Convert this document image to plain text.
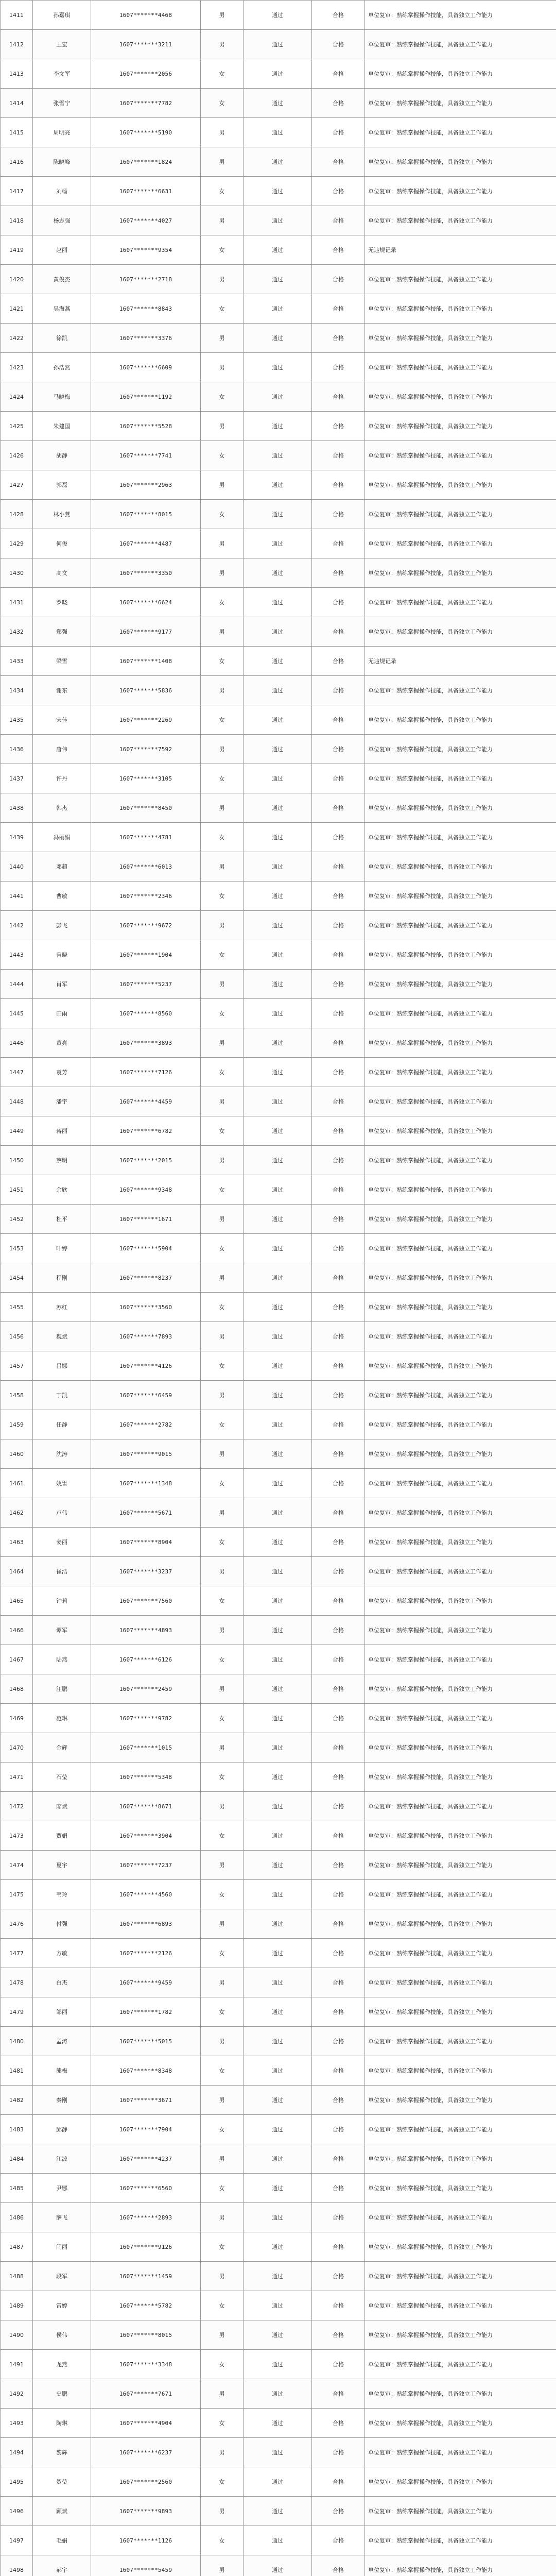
1411	孙嘉琪	1607*******4468	男	通过	合格	单位复审：熟练掌握操作技能，具备独立工作能力
1412	王宏	1607*******3211	男	通过	合格	单位复审：熟练掌握操作技能，具备独立工作能力
1413	李文军	1607*******2056	女	通过	合格	单位复审：熟练掌握操作技能，具备独立工作能力
1414	张雪宁	1607*******7782	女	通过	合格	单位复审：熟练掌握操作技能，具备独立工作能力
1415	周明亮	1607*******5190	男	通过	合格	单位复审：熟练掌握操作技能，具备独立工作能力
1416	陈晓峰	1607*******1824	男	通过	合格	单位复审：熟练掌握操作技能，具备独立工作能力
1417	刘畅	1607*******6631	女	通过	合格	单位复审：熟练掌握操作技能，具备独立工作能力
1418	杨志强	1607*******4027	男	通过	合格	单位复审：熟练掌握操作技能，具备独立工作能力
1419	赵丽	1607*******9354	女	通过	合格	无违规记录
1420	黄俊杰	1607*******2718	男	通过	合格	单位复审：熟练掌握操作技能，具备独立工作能力
1421	吴海燕	1607*******8843	女	通过	合格	单位复审：熟练掌握操作技能，具备独立工作能力
1422	徐凯	1607*******3376	男	通过	合格	单位复审：熟练掌握操作技能，具备独立工作能力
1423	孙浩然	1607*******6609	男	通过	合格	单位复审：熟练掌握操作技能，具备独立工作能力
1424	马晓梅	1607*******1192	女	通过	合格	单位复审：熟练掌握操作技能，具备独立工作能力
1425	朱建国	1607*******5528	男	通过	合格	单位复审：熟练掌握操作技能，具备独立工作能力
1426	胡静	1607*******7741	女	通过	合格	单位复审：熟练掌握操作技能，具备独立工作能力
1427	郭磊	1607*******2963	男	通过	合格	单位复审：熟练掌握操作技能，具备独立工作能力
1428	林小燕	1607*******8015	女	通过	合格	单位复审：熟练掌握操作技能，具备独立工作能力
1429	何俊	1607*******4487	男	通过	合格	单位复审：熟练掌握操作技能，具备独立工作能力
1430	高文	1607*******3350	男	通过	合格	单位复审：熟练掌握操作技能，具备独立工作能力
1431	罗晓	1607*******6624	女	通过	合格	单位复审：熟练掌握操作技能，具备独立工作能力
1432	郑强	1607*******9177	男	通过	合格	单位复审：熟练掌握操作技能，具备独立工作能力
1433	梁雪	1607*******1408	女	通过	合格	无违规记录
1434	谢东	1607*******5836	男	通过	合格	单位复审：熟练掌握操作技能，具备独立工作能力
1435	宋佳	1607*******2269	女	通过	合格	单位复审：熟练掌握操作技能，具备独立工作能力
1436	唐伟	1607*******7592	男	通过	合格	单位复审：熟练掌握操作技能，具备独立工作能力
1437	许丹	1607*******3105	女	通过	合格	单位复审：熟练掌握操作技能，具备独立工作能力
1438	韩杰	1607*******8450	男	通过	合格	单位复审：熟练掌握操作技能，具备独立工作能力
1439	冯丽娟	1607*******4781	女	通过	合格	单位复审：熟练掌握操作技能，具备独立工作能力
1440	邓超	1607*******6013	男	通过	合格	单位复审：熟练掌握操作技能，具备独立工作能力
1441	曹敏	1607*******2346	女	通过	合格	单位复审：熟练掌握操作技能，具备独立工作能力
1442	彭飞	1607*******9672	男	通过	合格	单位复审：熟练掌握操作技能，具备独立工作能力
1443	曾晓	1607*******1904	女	通过	合格	单位复审：熟练掌握操作技能，具备独立工作能力
1444	肖军	1607*******5237	男	通过	合格	单位复审：熟练掌握操作技能，具备独立工作能力
1445	田雨	1607*******8560	女	通过	合格	单位复审：熟练掌握操作技能，具备独立工作能力
1446	董亮	1607*******3893	男	通过	合格	单位复审：熟练掌握操作技能，具备独立工作能力
1447	袁芳	1607*******7126	女	通过	合格	单位复审：熟练掌握操作技能，具备独立工作能力
1448	潘宇	1607*******4459	男	通过	合格	单位复审：熟练掌握操作技能，具备独立工作能力
1449	蒋丽	1607*******6782	女	通过	合格	单位复审：熟练掌握操作技能，具备独立工作能力
1450	蔡明	1607*******2015	男	通过	合格	单位复审：熟练掌握操作技能，具备独立工作能力
1451	余欣	1607*******9348	女	通过	合格	单位复审：熟练掌握操作技能，具备独立工作能力
1452	杜平	1607*******1671	男	通过	合格	单位复审：熟练掌握操作技能，具备独立工作能力
1453	叶婷	1607*******5904	女	通过	合格	单位复审：熟练掌握操作技能，具备独立工作能力
1454	程刚	1607*******8237	男	通过	合格	单位复审：熟练掌握操作技能，具备独立工作能力
1455	苏红	1607*******3560	女	通过	合格	单位复审：熟练掌握操作技能，具备独立工作能力
1456	魏斌	1607*******7893	男	通过	合格	单位复审：熟练掌握操作技能，具备独立工作能力
1457	吕娜	1607*******4126	女	通过	合格	单位复审：熟练掌握操作技能，具备独立工作能力
1458	丁凯	1607*******6459	男	通过	合格	单位复审：熟练掌握操作技能，具备独立工作能力
1459	任静	1607*******2782	女	通过	合格	单位复审：熟练掌握操作技能，具备独立工作能力
1460	沈涛	1607*******9015	男	通过	合格	单位复审：熟练掌握操作技能，具备独立工作能力
1461	姚雪	1607*******1348	女	通过	合格	单位复审：熟练掌握操作技能，具备独立工作能力
1462	卢伟	1607*******5671	男	通过	合格	单位复审：熟练掌握操作技能，具备独立工作能力
1463	姜丽	1607*******8904	女	通过	合格	单位复审：熟练掌握操作技能，具备独立工作能力
1464	崔浩	1607*******3237	男	通过	合格	单位复审：熟练掌握操作技能，具备独立工作能力
1465	钟莉	1607*******7560	女	通过	合格	单位复审：熟练掌握操作技能，具备独立工作能力
1466	谭军	1607*******4893	男	通过	合格	单位复审：熟练掌握操作技能，具备独立工作能力
1467	陆燕	1607*******6126	女	通过	合格	单位复审：熟练掌握操作技能，具备独立工作能力
1468	汪鹏	1607*******2459	男	通过	合格	单位复审：熟练掌握操作技能，具备独立工作能力
1469	范琳	1607*******9782	女	通过	合格	单位复审：熟练掌握操作技能，具备独立工作能力
1470	金辉	1607*******1015	男	通过	合格	单位复审：熟练掌握操作技能，具备独立工作能力
1471	石莹	1607*******5348	女	通过	合格	单位复审：熟练掌握操作技能，具备独立工作能力
1472	廖斌	1607*******8671	男	通过	合格	单位复审：熟练掌握操作技能，具备独立工作能力
1473	贾娟	1607*******3904	女	通过	合格	单位复审：熟练掌握操作技能，具备独立工作能力
1474	夏宇	1607*******7237	男	通过	合格	单位复审：熟练掌握操作技能，具备独立工作能力
1475	韦玲	1607*******4560	女	通过	合格	单位复审：熟练掌握操作技能，具备独立工作能力
1476	付强	1607*******6893	男	通过	合格	单位复审：熟练掌握操作技能，具备独立工作能力
1477	方敏	1607*******2126	女	通过	合格	单位复审：熟练掌握操作技能，具备独立工作能力
1478	白杰	1607*******9459	男	通过	合格	单位复审：熟练掌握操作技能，具备独立工作能力
1479	邹丽	1607*******1782	女	通过	合格	单位复审：熟练掌握操作技能，具备独立工作能力
1480	孟涛	1607*******5015	男	通过	合格	单位复审：熟练掌握操作技能，具备独立工作能力
1481	熊梅	1607*******8348	女	通过	合格	单位复审：熟练掌握操作技能，具备独立工作能力
1482	秦刚	1607*******3671	男	通过	合格	单位复审：熟练掌握操作技能，具备独立工作能力
1483	邱静	1607*******7904	女	通过	合格	单位复审：熟练掌握操作技能，具备独立工作能力
1484	江波	1607*******4237	男	通过	合格	单位复审：熟练掌握操作技能，具备独立工作能力
1485	尹娜	1607*******6560	女	通过	合格	单位复审：熟练掌握操作技能，具备独立工作能力
1486	薛飞	1607*******2893	男	通过	合格	单位复审：熟练掌握操作技能，具备独立工作能力
1487	闫丽	1607*******9126	女	通过	合格	单位复审：熟练掌握操作技能，具备独立工作能力
1488	段军	1607*******1459	男	通过	合格	单位复审：熟练掌握操作技能，具备独立工作能力
1489	雷婷	1607*******5782	女	通过	合格	单位复审：熟练掌握操作技能，具备独立工作能力
1490	侯伟	1607*******8015	男	通过	合格	单位复审：熟练掌握操作技能，具备独立工作能力
1491	龙燕	1607*******3348	女	通过	合格	单位复审：熟练掌握操作技能，具备独立工作能力
1492	史鹏	1607*******7671	男	通过	合格	单位复审：熟练掌握操作技能，具备独立工作能力
1493	陶琳	1607*******4904	女	通过	合格	单位复审：熟练掌握操作技能，具备独立工作能力
1494	黎辉	1607*******6237	男	通过	合格	单位复审：熟练掌握操作技能，具备独立工作能力
1495	贺莹	1607*******2560	女	通过	合格	单位复审：熟练掌握操作技能，具备独立工作能力
1496	顾斌	1607*******9893	男	通过	合格	单位复审：熟练掌握操作技能，具备独立工作能力
1497	毛娟	1607*******1126	女	通过	合格	单位复审：熟练掌握操作技能，具备独立工作能力
1498	郝宇	1607*******5459	男	通过	合格	单位复审：熟练掌握操作技能，具备独立工作能力
